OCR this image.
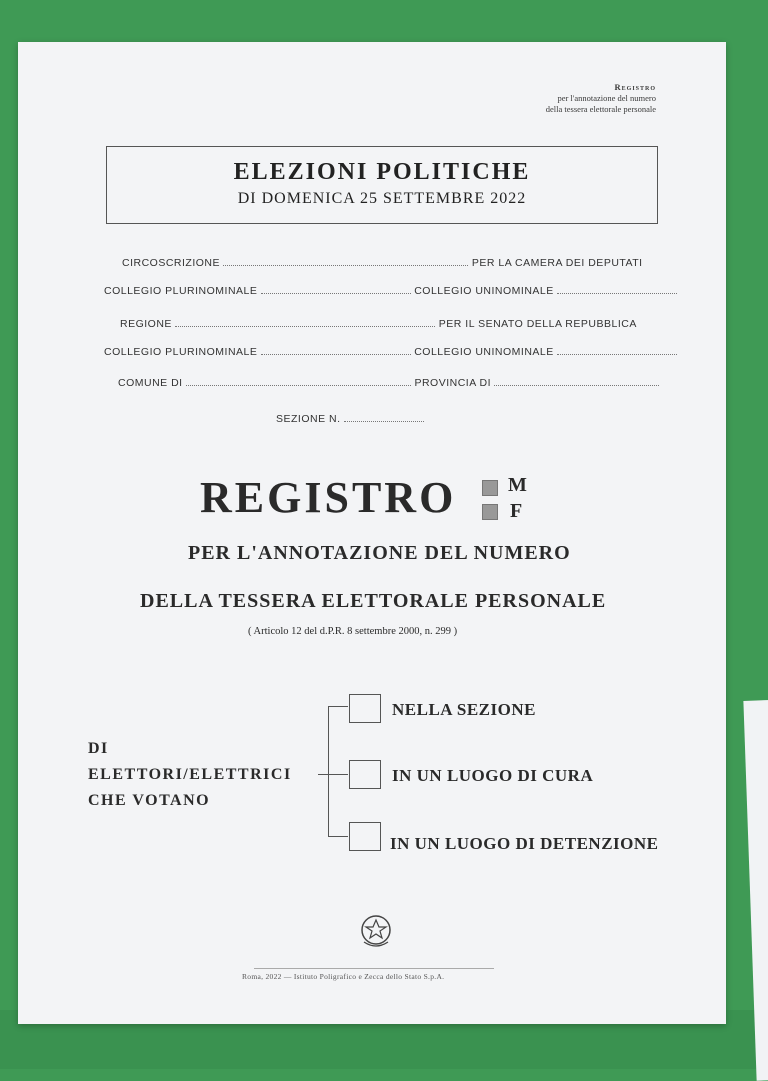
Registro
per l'annotazione del numero
della tessera elettorale personale
ELEZIONI POLITICHE
DI DOMENICA 25 SETTEMBRE 2022
CIRCOSCRIZIONE	PER LA CAMERA DEI DEPUTATI
COLLEGIO PLURINOMINALE	COLLEGIO UNINOMINALE
REGIONE	PER IL SENATO DELLA REPUBBLICA
COLLEGIO PLURINOMINALE	COLLEGIO UNINOMINALE
COMUNE DI	PROVINCIA DI
SEZIONE N.
REGISTRO	M
F
PER L'ANNOTAZIONE DEL NUMERO
DELLA TESSERA ELETTORALE PERSONALE
( Articolo 12 del d.P.R. 8 settembre 2000, n. 299 )
DI
ELETTORI/ELETTRICI
CHE VOTANO
NELLA SEZIONE
IN UN LUOGO DI CURA
IN UN LUOGO DI DETENZIONE
Roma, 2022 — Istituto Poligrafico e Zecca dello Stato S.p.A.
